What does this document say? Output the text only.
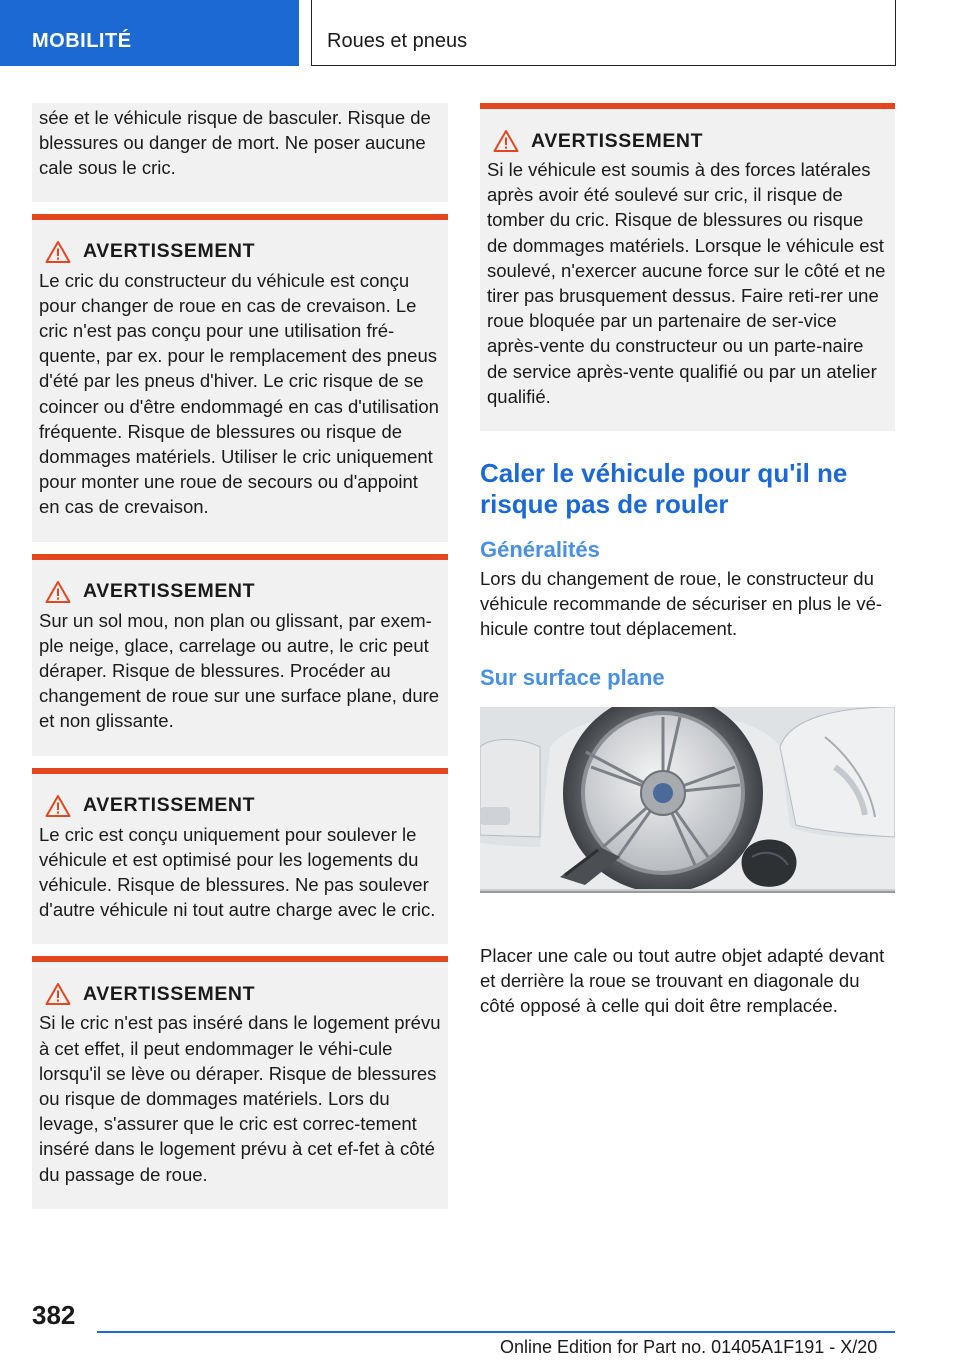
MOBILITÉ	Roues et pneus

sée et le véhicule risque de basculer. Risque de blessures ou danger de mort. Ne poser aucune cale sous le cric.

AVERTISSEMENT

Le cric du constructeur du véhicule est conçu pour changer de roue en cas de crevaison. Le cric n'est pas conçu pour une utilisation fré‐quente, par ex. pour le remplacement des pneus d'été par les pneus d'hiver. Le cric risque de se coincer ou d'être endommagé en cas d'utilisation fréquente. Risque de blessures ou risque de dommages matériels. Utiliser le cric uniquement pour monter une roue de secours ou d'appoint en cas de crevaison.

AVERTISSEMENT

Sur un sol mou, non plan ou glissant, par exem‐ple neige, glace, carrelage ou autre, le cric peut déraper. Risque de blessures. Procéder au changement de roue sur une surface plane, dure et non glissante.

AVERTISSEMENT

Le cric est conçu uniquement pour soulever le véhicule et est optimisé pour les logements du véhicule. Risque de blessures. Ne pas soulever d'autre véhicule ni tout autre charge avec le cric.

AVERTISSEMENT

Si le cric n'est pas inséré dans le logement prévu à cet effet, il peut endommager le véhi‐cule lorsqu'il se lève ou déraper. Risque de blessures ou risque de dommages matériels. Lors du levage, s'assurer que le cric est correc‐tement inséré dans le logement prévu à cet ef‐fet à côté du passage de roue.

AVERTISSEMENT

Si le véhicule est soumis à des forces latérales après avoir été soulevé sur cric, il risque de tomber du cric. Risque de blessures ou risque de dommages matériels. Lorsque le véhicule est soulevé, n'exercer aucune force sur le côté et ne tirer pas brusquement dessus. Faire reti‐rer une roue bloquée par un partenaire de ser‐vice après-vente du constructeur ou un parte‐naire de service après-vente qualifié ou par un atelier qualifié.

Caler le véhicule pour qu'il ne risque pas de rouler
Généralités

Lors du changement de roue, le constructeur du véhicule recommande de sécuriser en plus le vé‐hicule contre tout déplacement.

Sur surface plane

Placer une cale ou tout autre objet adapté devant et derrière la roue se trouvant en diagonale du côté opposé à celle qui doit être remplacée.

382
Online Edition for Part no. 01405A1F191 - X/20
